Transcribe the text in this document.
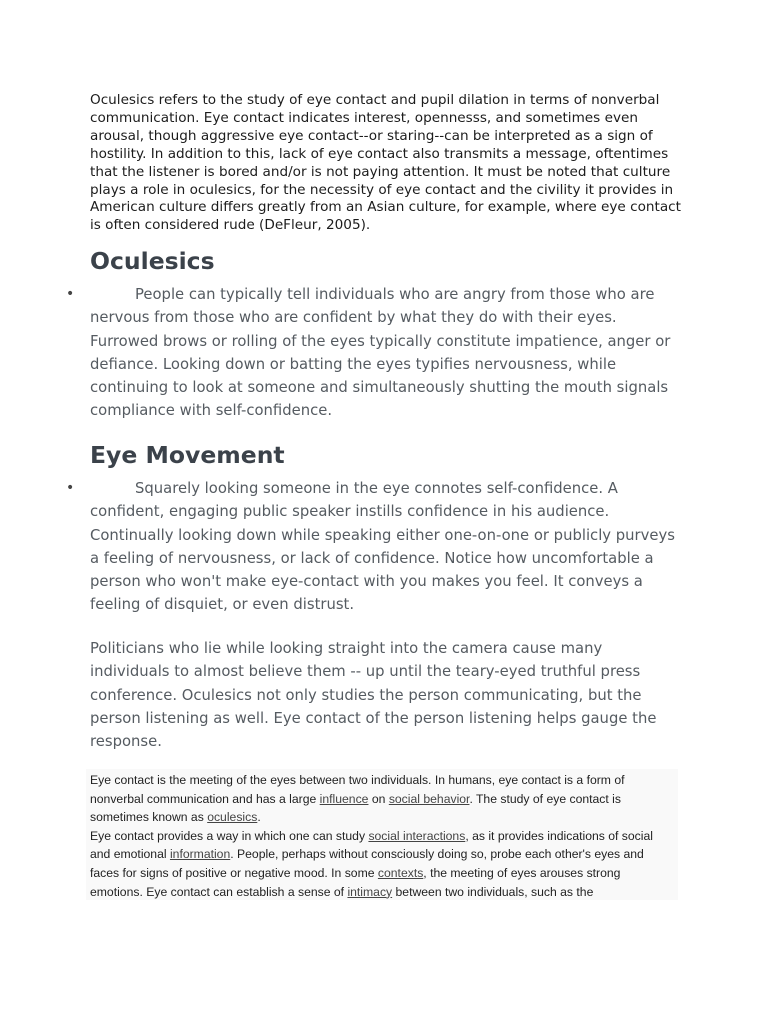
Oculesics refers to the study of eye contact and pupil dilation in terms of nonverbal communication. Eye contact indicates interest, opennesss, and sometimes even arousal, though aggressive eye contact--or staring--can be interpreted as a sign of hostility. In addition to this, lack of eye contact also transmits a message, oftentimes that the listener is bored and/or is not paying attention. It must be noted that culture plays a role in oculesics, for the necessity of eye contact and the civility it provides in American culture differs greatly from an Asian culture, for example, where eye contact is often considered rude (DeFleur, 2005).

Oculesics
•	People can typically tell individuals who are angry from those who are nervous from those who are confident by what they do with their eyes. Furrowed brows or rolling of the eyes typically constitute impatience, anger or defiance. Looking down or batting the eyes typifies nervousness, while continuing to look at someone and simultaneously shutting the mouth signals compliance with self-confidence.

Eye Movement
•	Squarely looking someone in the eye connotes self-confidence. A confident, engaging public speaker instills confidence in his audience. Continually looking down while speaking either one-on-one or publicly purveys a feeling of nervousness, or lack of confidence. Notice how uncomfortable a person who won't make eye-contact with you makes you feel. It conveys a feeling of disquiet, or even distrust.

Politicians who lie while looking straight into the camera cause many individuals to almost believe them -- up until the teary-eyed truthful press conference. Oculesics not only studies the person communicating, but the person listening as well. Eye contact of the person listening helps gauge the response.

Eye contact is the meeting of the eyes between two individuals. In humans, eye contact is a form of nonverbal communication and has a large influence on social behavior. The study of eye contact is sometimes known as oculesics.

Eye contact provides a way in which one can study social interactions, as it provides indications of social and emotional information. People, perhaps without consciously doing so, probe each other's eyes and faces for signs of positive or negative mood. In some contexts, the meeting of eyes arouses strong emotions. Eye contact can establish a sense of intimacy between two individuals, such as the
